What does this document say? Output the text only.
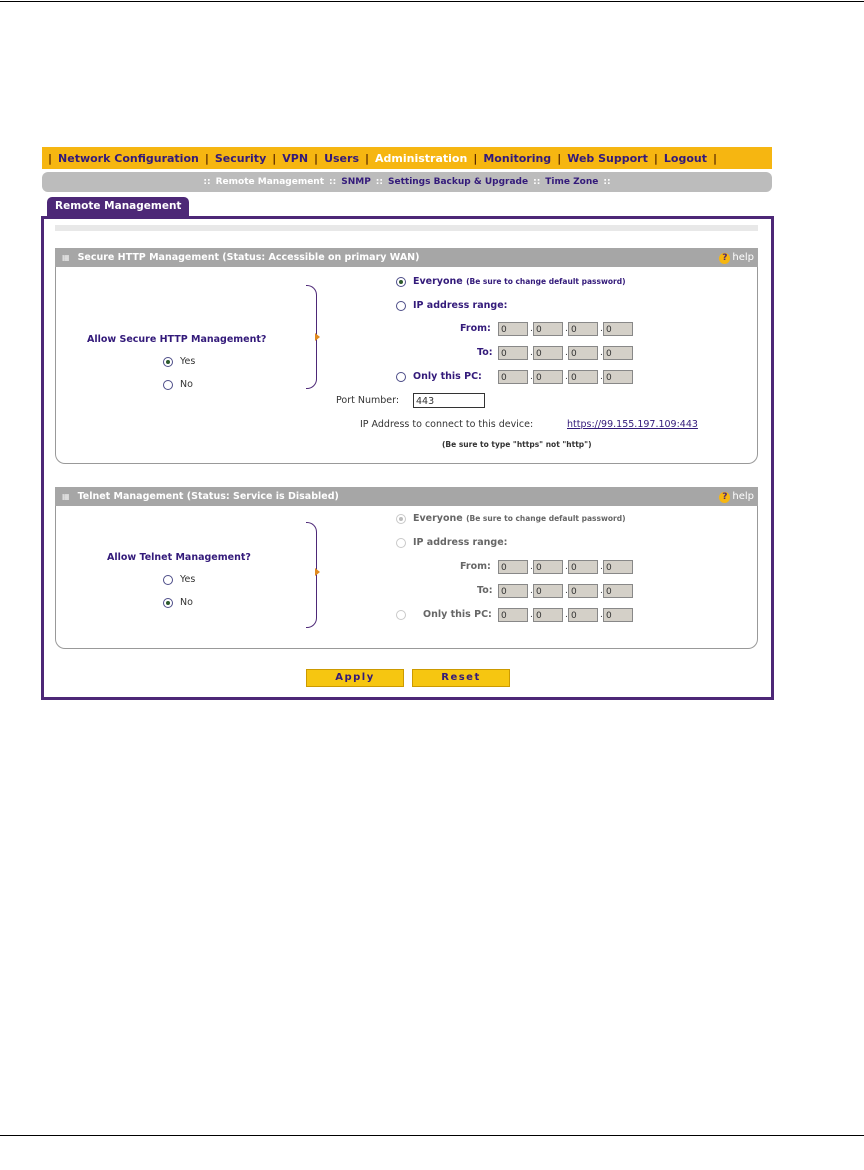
| Network Configuration | Security | VPN | Users | Administration | Monitoring | Web Support | Logout |
:: Remote Management :: SNMP :: Settings Backup & Upgrade :: Time Zone ::
Remote Management
▦ Secure HTTP Management (Status: Accessible on primary WAN)	? help
Allow Secure HTTP Management?
Yes
No
Everyone (Be sure to change default password)
IP address range:
From:	0	. 0	. 0	. 0
To: 0	. 0	. 0	. 0
Only this PC:	0	. 0	. 0	. 0
Port Number:	443
IP Address to connect to this device:	https://99.155.197.109:443
(Be sure to type "https" not "http")
▦ Telnet Management (Status: Service is Disabled)	? help
Allow Telnet Management?
Yes
No
Everyone (Be sure to change default password)
IP address range:
From:	0	. 0	. 0	. 0
To: 0	. 0	. 0	. 0
Only this PC:	0	. 0	. 0	. 0
Apply	Reset
